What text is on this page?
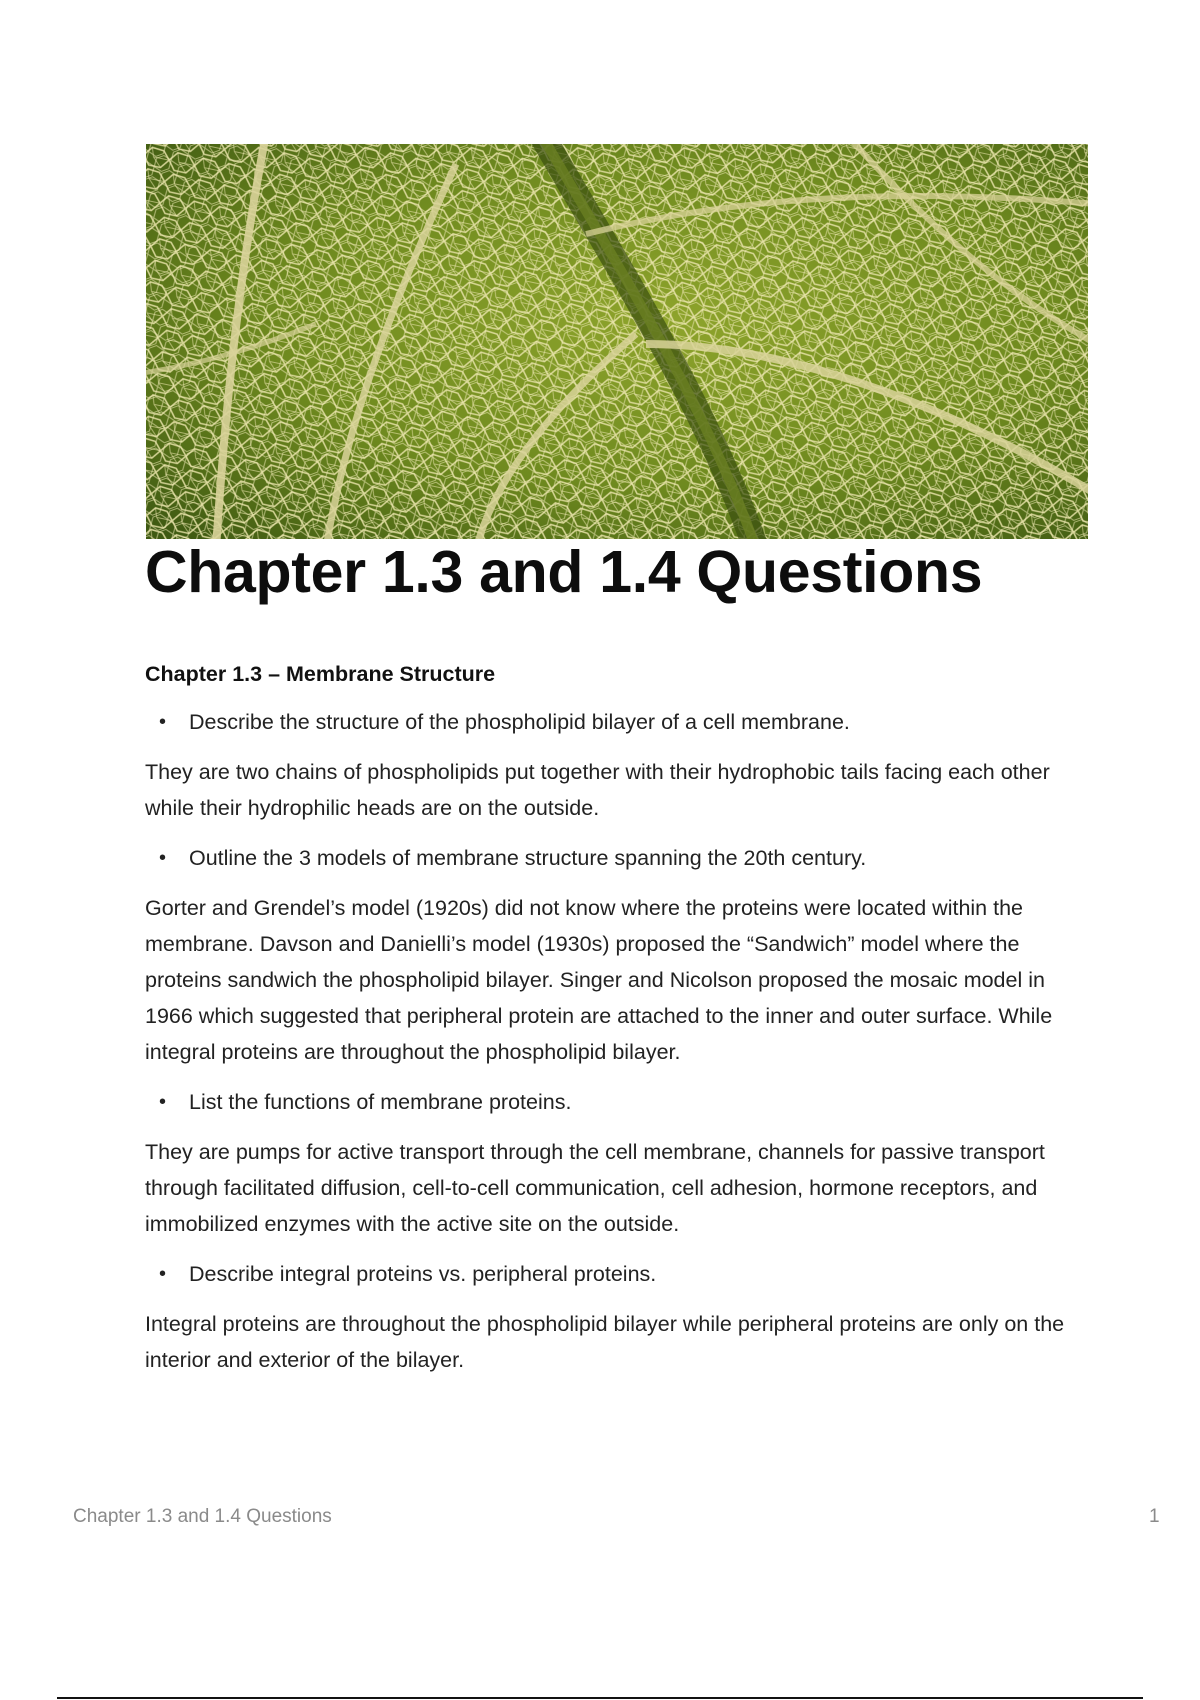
Chapter 1.3 and 1.4 Questions

Chapter 1.3 – Membrane Structure

•	Describe the structure of the phospholipid bilayer of a cell membrane.

They are two chains of phospholipids put together with their hydrophobic tails facing each other while their hydrophilic heads are on the outside.

•	Outline the 3 models of membrane structure spanning the 20th century.

Gorter and Grendel’s model (1920s) did not know where the proteins were located within the membrane. Davson and Danielli’s model (1930s) proposed the “Sandwich” model where the proteins sandwich the phospholipid bilayer. Singer and Nicolson proposed the mosaic model in 1966 which suggested that peripheral protein are attached to the inner and outer surface. While integral proteins are throughout the phospholipid bilayer.

•	List the functions of membrane proteins.

They are pumps for active transport through the cell membrane, channels for passive transport through facilitated diffusion, cell-to-cell communication, cell adhesion, hormone receptors, and immobilized enzymes with the active site on the outside.

•	Describe integral proteins vs. peripheral proteins.

Integral proteins are throughout the phospholipid bilayer while peripheral proteins are only on the interior and exterior of the bilayer.

Chapter 1.3 and 1.4 Questions	1
